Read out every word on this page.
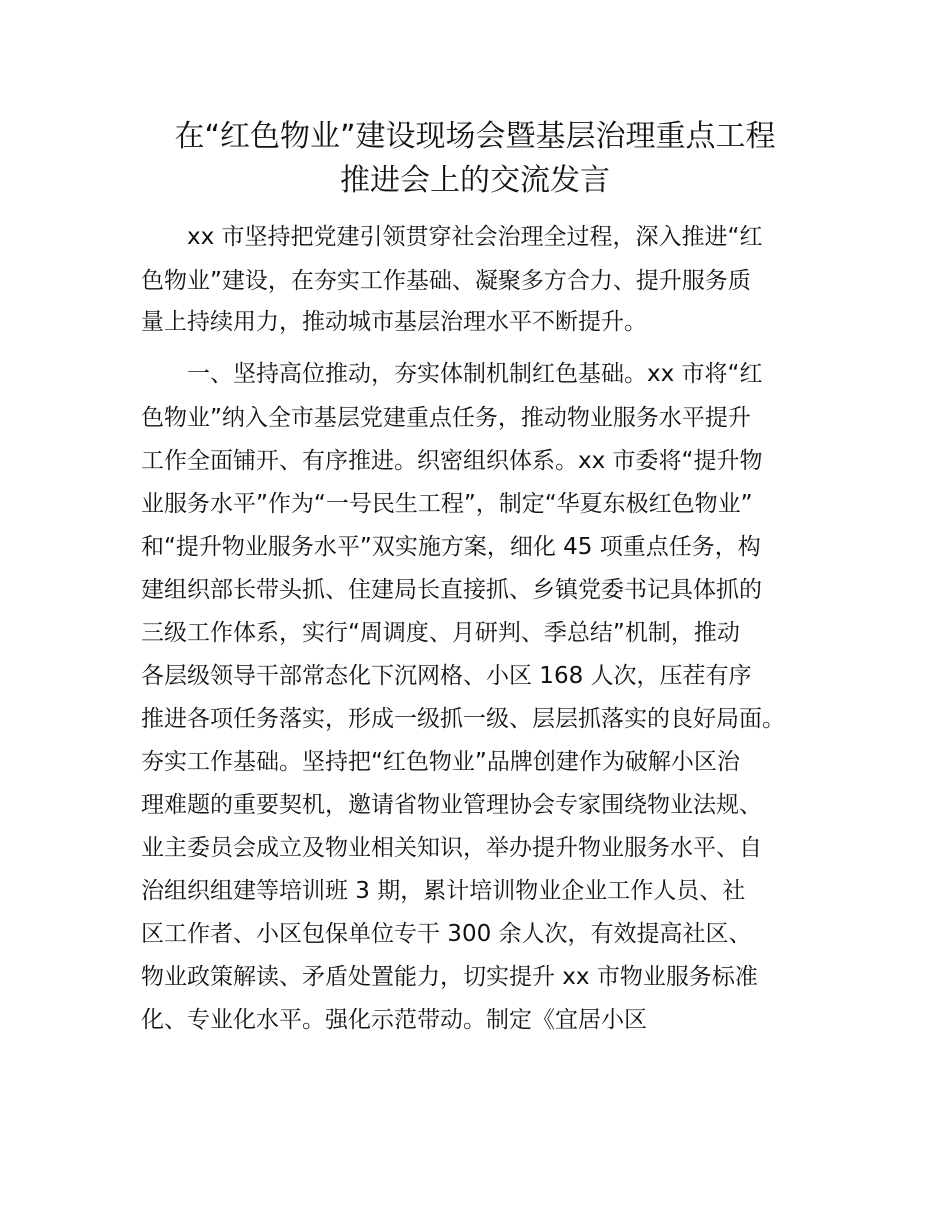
在“红色物业”建设现场会暨基层治理重点工程
推进会上的交流发言

　　xx 市坚持把党建引领贯穿社会治理全过程，深入推进“红

色物业”建设，在夯实工作基础、凝聚多方合力、提升服务质

量上持续用力，推动城市基层治理水平不断提升。

　　一、坚持高位推动，夯实体制机制红色基础。xx 市将“红

色物业”纳入全市基层党建重点任务，推动物业服务水平提升

工作全面铺开、有序推进。织密组织体系。xx 市委将“提升物

业服务水平”作为“一号民生工程”，制定“华夏东极红色物业”

和“提升物业服务水平”双实施方案，细化 45 项重点任务，构

建组织部长带头抓、住建局长直接抓、乡镇党委书记具体抓的

三级工作体系，实行“周调度、月研判、季总结”机制，推动

各层级领导干部常态化下沉网格、小区 168 人次，压茬有序

推进各项任务落实，形成一级抓一级、层层抓落实的良好局面。

夯实工作基础。坚持把“红色物业”品牌创建作为破解小区治

理难题的重要契机，邀请省物业管理协会专家围绕物业法规、

业主委员会成立及物业相关知识，举办提升物业服务水平、自

治组织组建等培训班 3 期，累计培训物业企业工作人员、社

区工作者、小区包保单位专干 300 余人次，有效提高社区、

物业政策解读、矛盾处置能力，切实提升 xx 市物业服务标准

化、专业化水平。强化示范带动。制定《宜居小区
